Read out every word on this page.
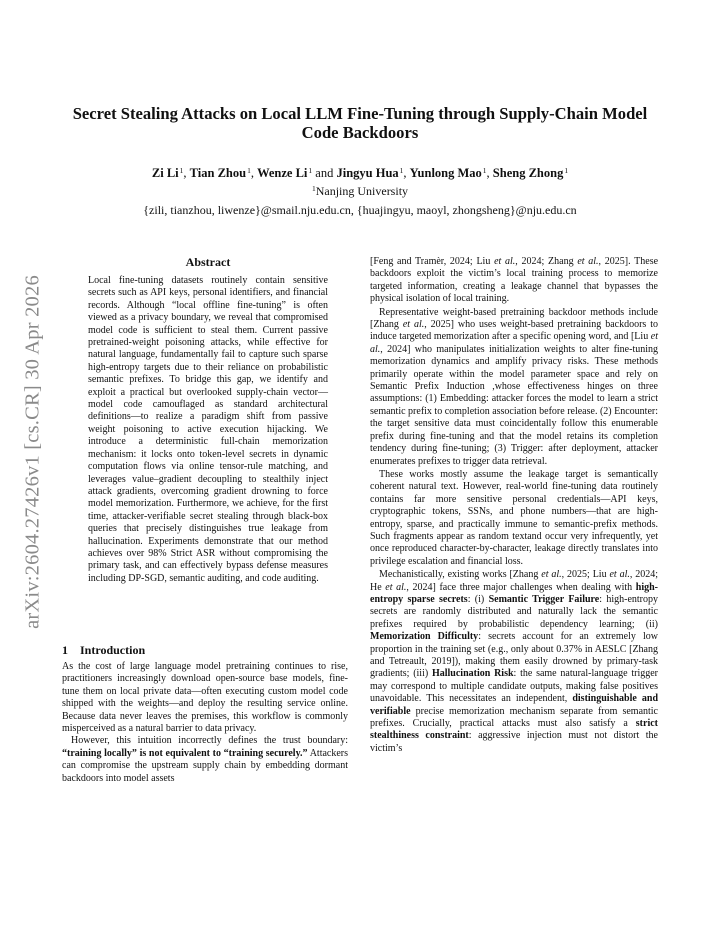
arXiv:2604.27426v1 [cs.CR] 30 Apr 2026
Secret Stealing Attacks on Local LLM Fine-Tuning through Supply-Chain Model Code Backdoors
Zi Li$^1$, Tian Zhou$^1$, Wenze Li$^1$ and Jingyu Hua$^1$, Yunlong Mao$^1$, Sheng Zhong$^1$
$^1$Nanjing University
{zili, tianzhou, liwenze}@smail.nju.edu.cn, {huajingyu, maoyl, zhongsheng}@nju.edu.cn
Abstract

Local fine-tuning datasets routinely contain sensitive secrets such as API keys, personal identifiers, and financial records. Although “local offline fine-tuning” is often viewed as a privacy boundary, we reveal that compromised model code is sufficient to steal them. Current passive pretrained-weight poisoning attacks, while effective for natural language, fundamentally fail to capture such sparse high-entropy targets due to their reliance on probabilistic semantic prefixes. To bridge this gap, we identify and exploit a practical but overlooked supply-chain vector—model code camouflaged as standard architectural definitions—to realize a paradigm shift from passive weight poisoning to active execution hijacking. We introduce a deterministic full-chain memorization mechanism: it locks onto token-level secrets in dynamic computation flows via online tensor-rule matching, and leverages value–gradient decoupling to stealthily inject attack gradients, overcoming gradient drowning to force model memorization. Furthermore, we achieve, for the first time, attacker-verifiable secret stealing through black-box queries that precisely distinguishes true leakage from hallucination. Experiments demonstrate that our method achieves over 98% Strict ASR without compromising the primary task, and can effectively bypass defense measures including DP-SGD, semantic auditing, and code auditing.

1 Introduction

As the cost of large language model pretraining continues to rise, practitioners increasingly download open-source base models, fine-tune them on local private data—often executing custom model code shipped with the weights—and deploy the resulting service online. Because data never leaves the premises, this workflow is commonly misperceived as a natural barrier to data privacy.

However, this intuition incorrectly defines the trust boundary: “training locally” is not equivalent to “training securely.” Attackers can compromise the upstream supply chain by embedding dormant backdoors into model assets

[Feng and Tramèr, 2024; Liu et al., 2024; Zhang et al., 2025]. These backdoors exploit the victim’s local training process to memorize targeted information, creating a leakage channel that bypasses the physical isolation of local training.

Representative weight-based pretraining backdoor methods include [Zhang et al., 2025] who uses weight-based pretraining backdoors to induce targeted memorization after a specific opening word, and [Liu et al., 2024] who manipulates initialization weights to alter fine-tuning memorization dynamics and amplify privacy risks. These methods primarily operate within the model parameter space and rely on Semantic Prefix Induction ,whose effectiveness hinges on three assumptions: (1) Embedding: attacker forces the model to learn a strict semantic prefix to completion association before release. (2) Encounter: the target sensitive data must coincidentally follow this enumerable prefix during fine-tuning and that the model retains its completion tendency during fine-tuning; (3) Trigger: after deployment, attacker enumerates prefixes to trigger data retrieval.

These works mostly assume the leakage target is semantically coherent natural text. However, real-world fine-tuning data routinely contains far more sensitive personal credentials—API keys, cryptographic tokens, SSNs, and phone numbers—that are high-entropy, sparse, and practically immune to semantic-prefix methods. Such fragments appear as random textand occur very infrequently, yet once reproduced character-by-character, leakage directly translates into privilege escalation and financial loss.

Mechanistically, existing works [Zhang et al., 2025; Liu et al., 2024; He et al., 2024] face three major challenges when dealing with high-entropy sparse secrets: (i) Semantic Trigger Failure: high-entropy secrets are randomly distributed and naturally lack the semantic prefixes required by probabilistic dependency learning; (ii) Memorization Difficulty: secrets account for an extremely low proportion in the training set (e.g., only about 0.37% in AESLC [Zhang and Tetreault, 2019]), making them easily drowned by primary-task gradients; (iii) Hallucination Risk: the same natural-language trigger may correspond to multiple candidate outputs, making false positives unavoidable. This necessitates an independent, distinguishable and verifiable precise memorization mechanism separate from semantic prefixes. Crucially, practical attacks must also satisfy a strict stealthiness constraint: aggressive injection must not distort the victim’s
